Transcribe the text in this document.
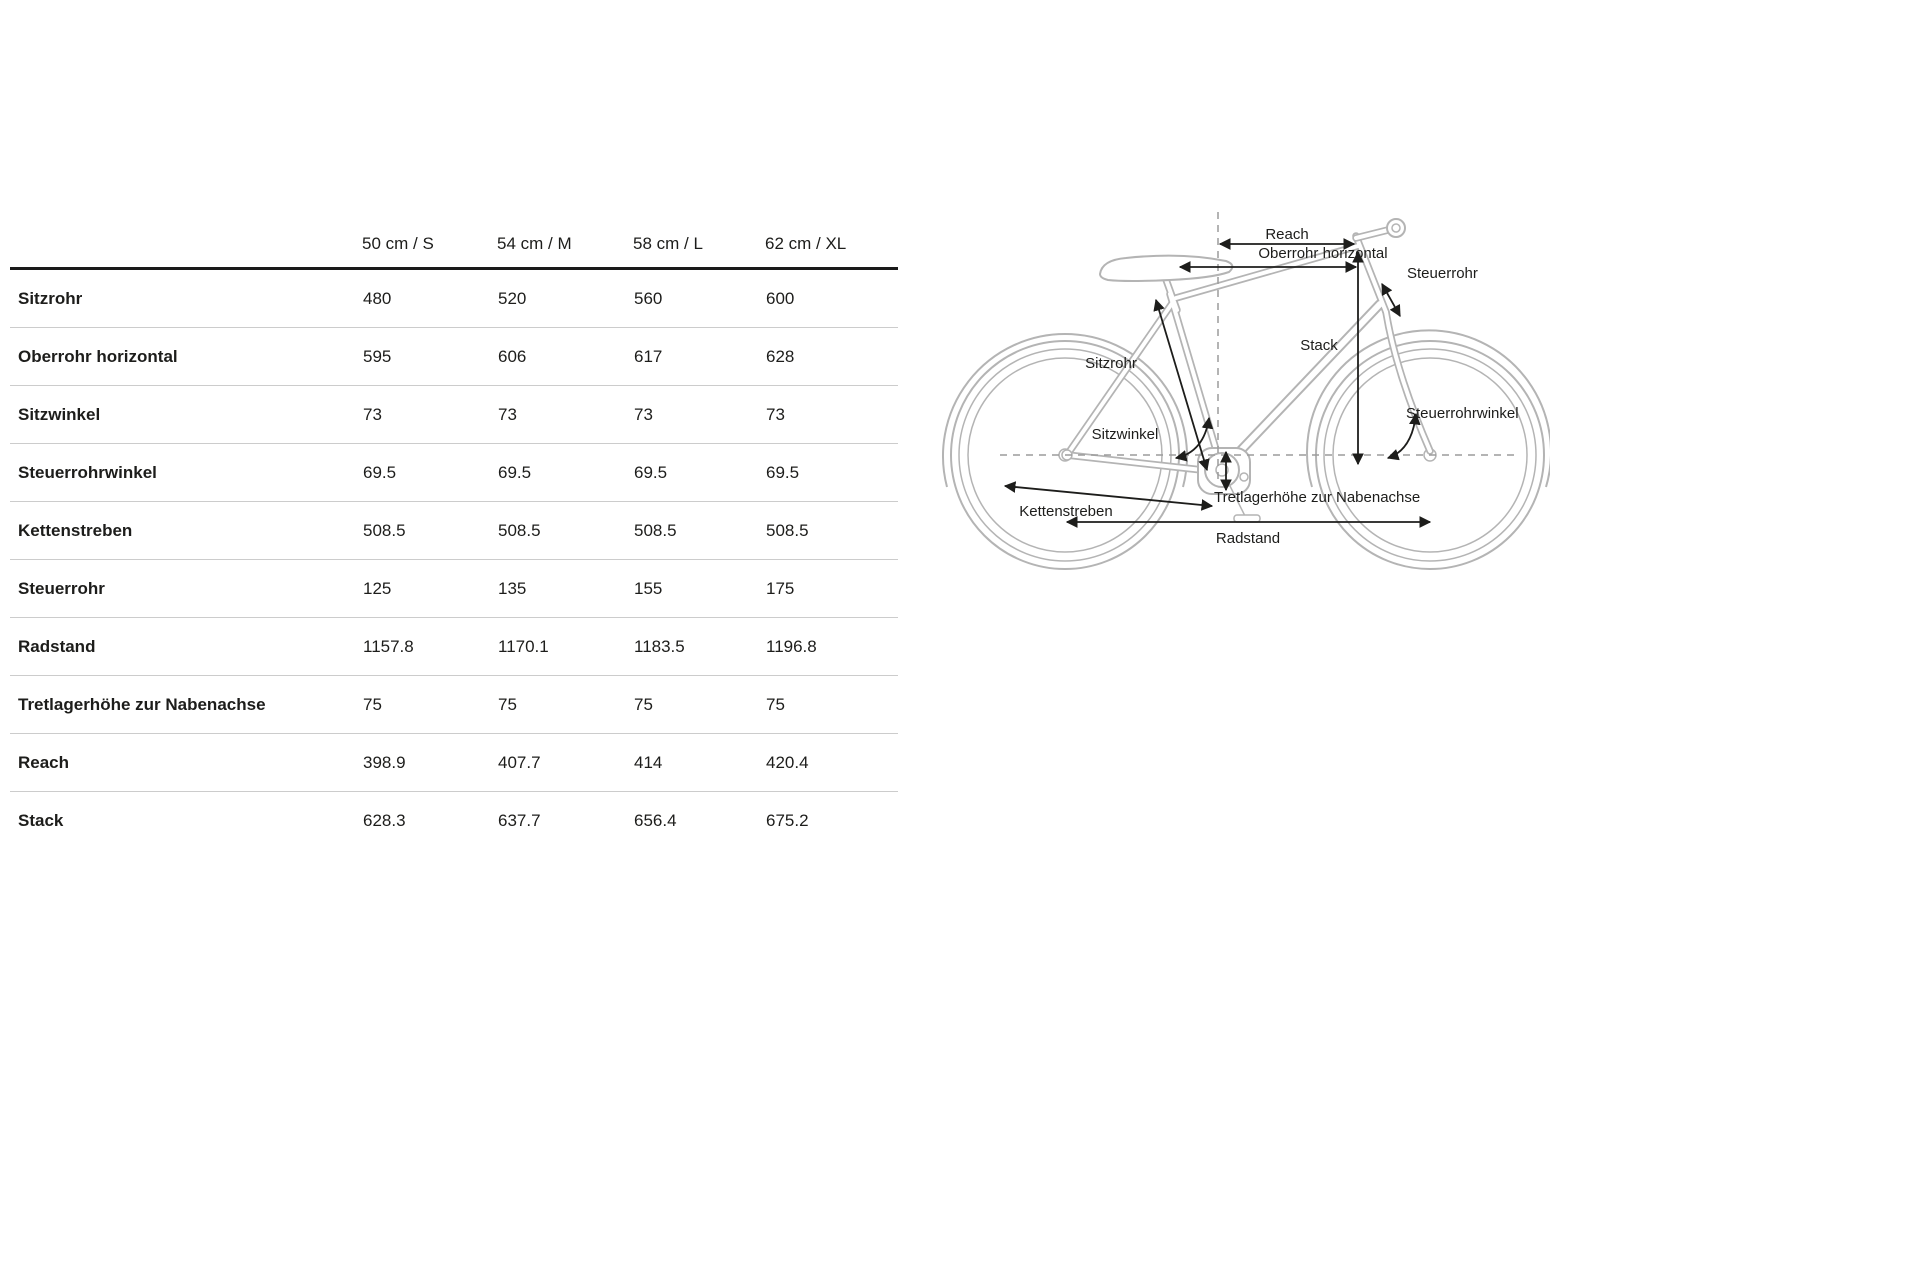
	50 cm / S	54 cm / M	58 cm / L	62 cm / XL
Sitzrohr	480	520	560	600
Oberrohr horizontal	595	606	617	628
Sitzwinkel	73	73	73	73
Steuerrohrwinkel	69.5	69.5	69.5	69.5
Kettenstreben	508.5	508.5	508.5	508.5
Steuerrohr	125	135	155	175
Radstand	1157.8	1170.1	1183.5	1196.8
Tretlagerhöhe zur Nabenachse	75	75	75	75
Reach	398.9	407.7	414	420.4
Stack	628.3	637.7	656.4	675.2
Reach
Oberrohr horizontal
Steuerrohr
Stack
Sitzrohr
Sitzwinkel
Steuerrohrwinkel
Tretlagerhöhe zur Nabenachse
Kettenstreben
Radstand
